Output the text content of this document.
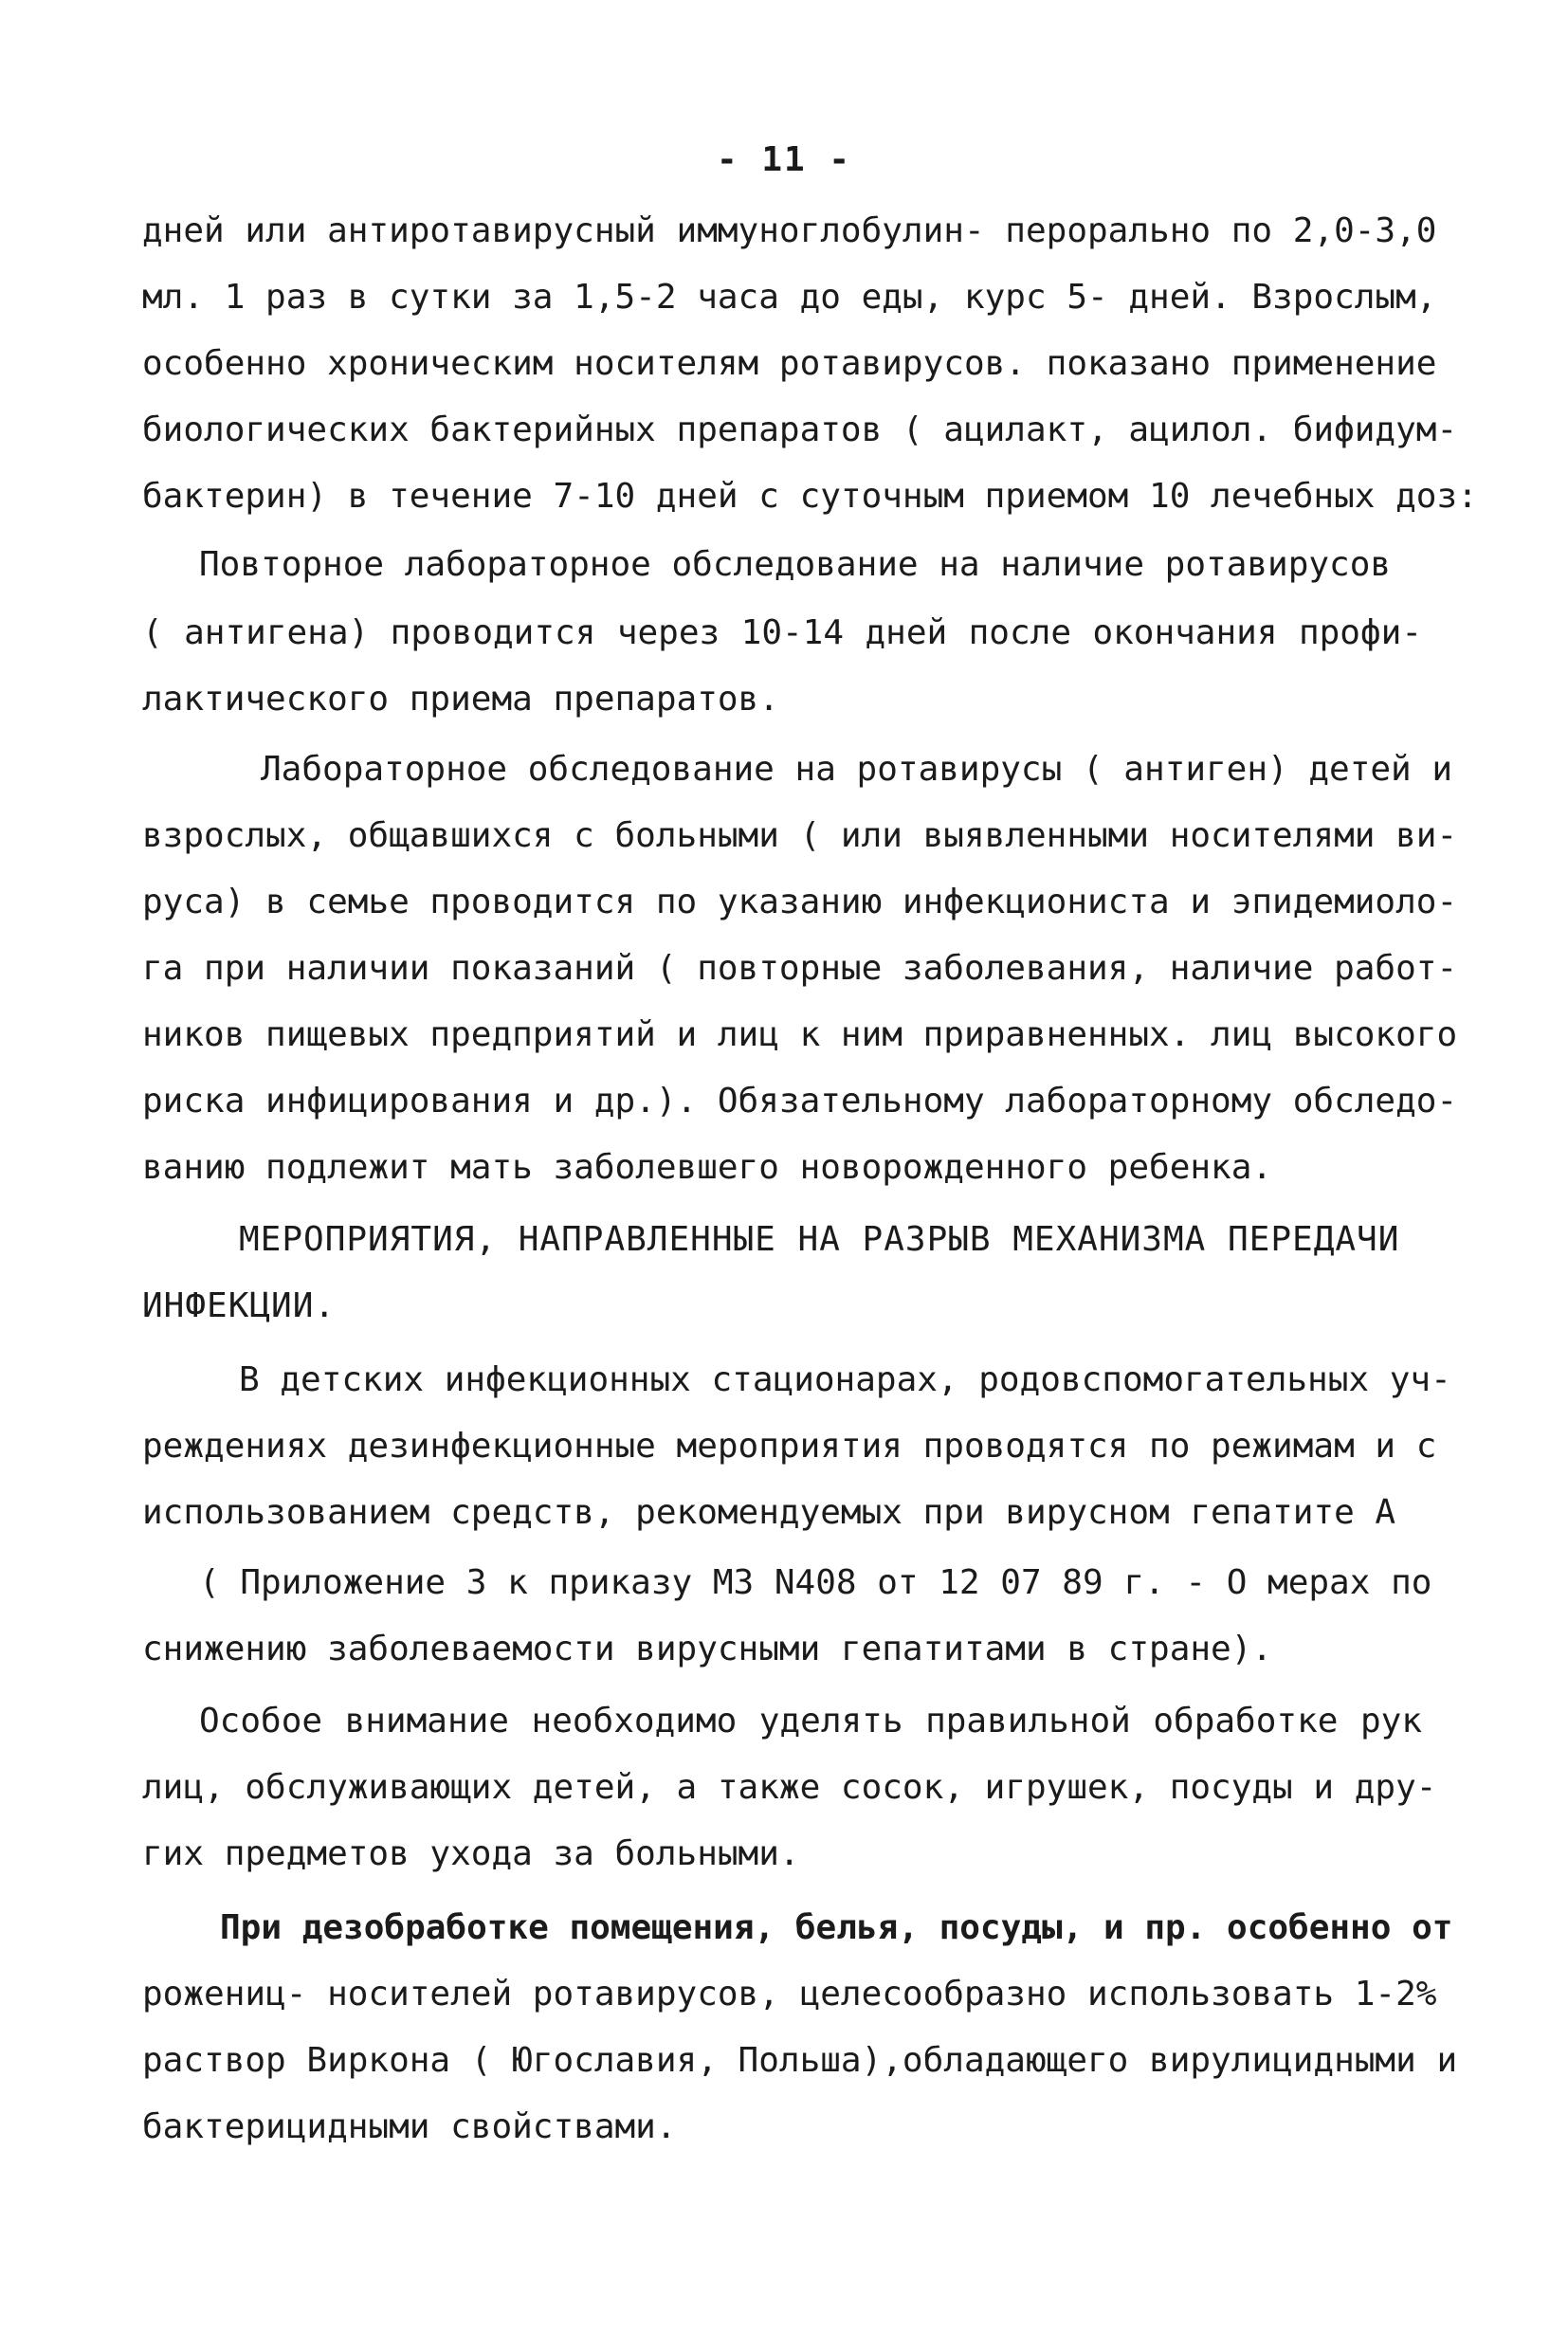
- 11 -
дней или антиротавирусный иммуноглобулин- перорально по 2,0-3,0
мл. 1 раз в сутки за 1,5-2 часа до еды, курс 5- дней. Взрослым,
особенно хроническим носителям ротавирусов. показано применение
биологических бактерийных препаратов ( ацилакт, ацилол. бифидум-
бактерин) в течение 7-10 дней с суточным приемом 10 лечебных доз:
Повторное лабораторное обследование на наличие ротавирусов
( антигена) проводится через 10-14 дней после окончания профи-
лактического приема препаратов.
Лабораторное обследование на ротавирусы ( антиген) детей и
взрослых, общавшихся с больными ( или выявленными носителями ви-
руса) в семье проводится по указанию инфекциониста и эпидемиоло-
га при наличии показаний ( повторные заболевания, наличие работ-
ников пищевых предприятий и лиц к ним приравненных. лиц высокого
риска инфицирования и др.). Обязательному лабораторному обследо-
ванию подлежит мать заболевшего новорожденного ребенка.
МЕРОПРИЯТИЯ, НАПРАВЛЕННЫЕ НА РАЗРЫВ МЕХАНИЗМА ПЕРЕДАЧИ
ИНФЕКЦИИ.
В детских инфекционных стационарах, родовспомогательных уч-
реждениях дезинфекционные мероприятия проводятся по режимам и с
использованием средств, рекомендуемых при вирусном гепатите А
( Приложение 3 к приказу МЗ N408 от 12 07 89 г. - О мерах по
снижению заболеваемости вирусными гепатитами в стране).
Особое внимание необходимо уделять правильной обработке рук
лиц, обслуживающих детей, а также сосок, игрушек, посуды и дру-
гих предметов ухода за больными.
При дезобработке помещения, белья, посуды, и пр. особенно от
рожениц- носителей ротавирусов, целесообразно использовать 1-2%
раствор Виркона ( Югославия, Польша),обладающего вирулицидными и
бактерицидными свойствами.
